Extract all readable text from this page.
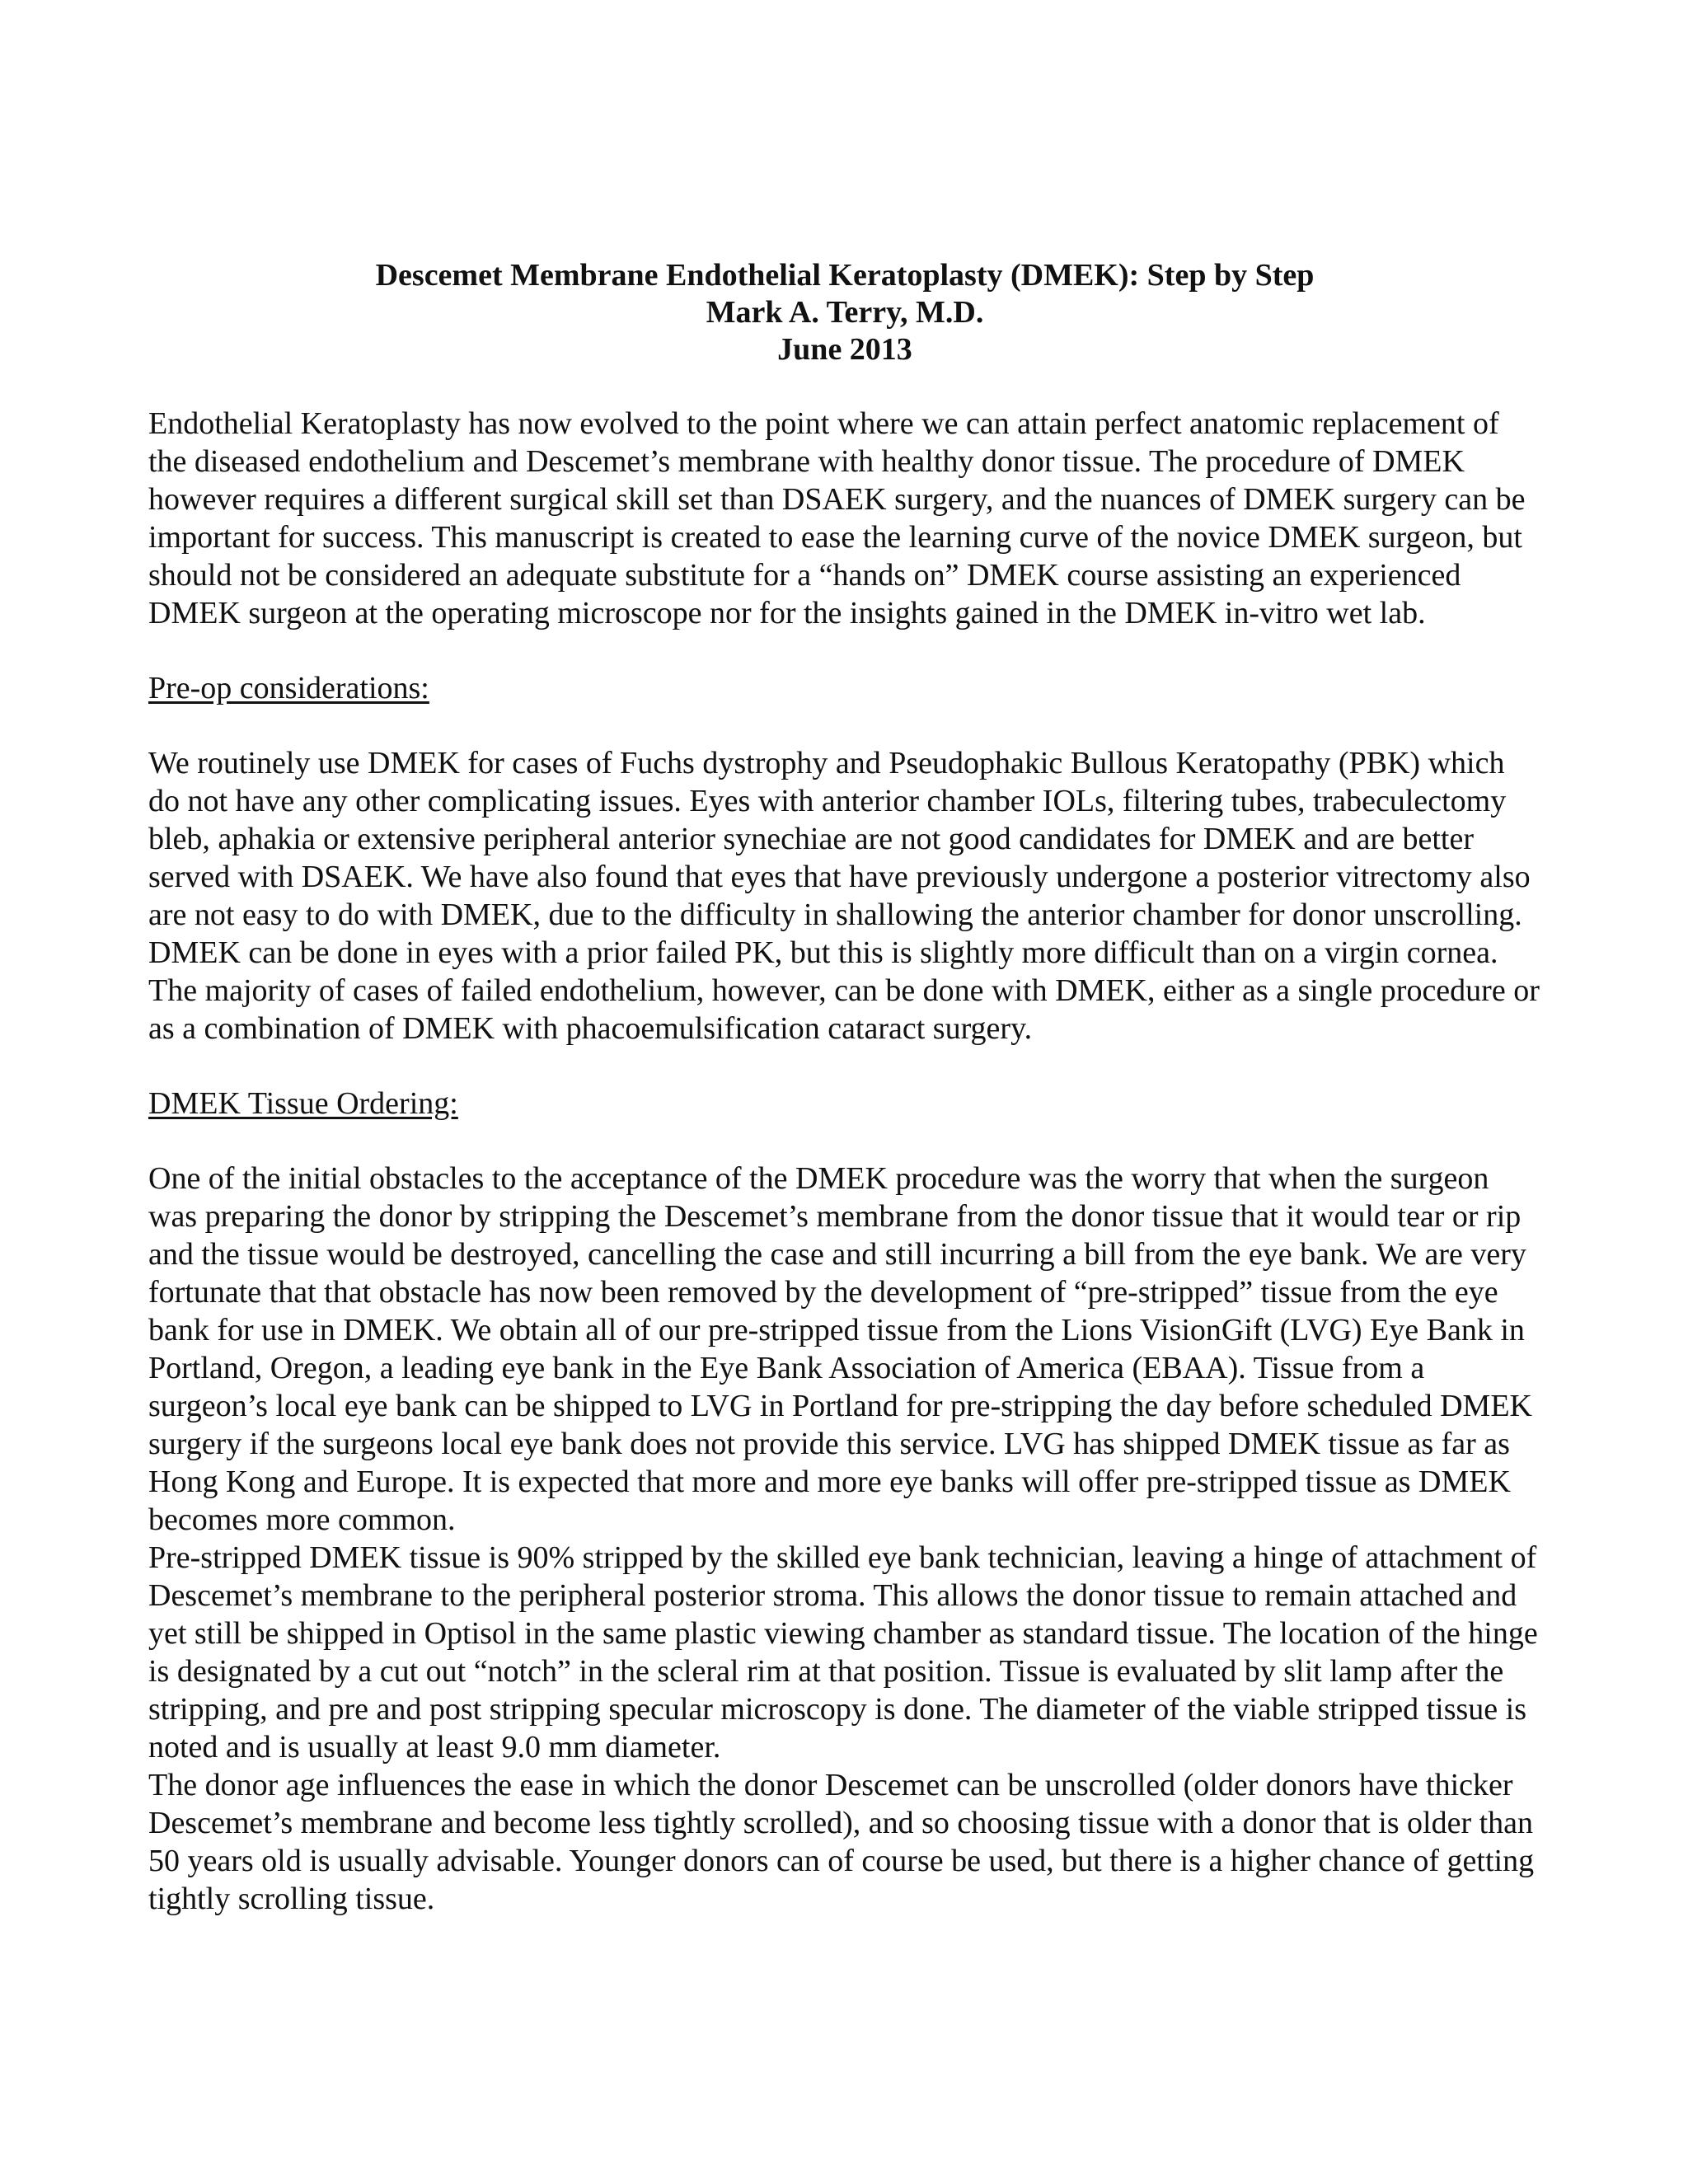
Descemet Membrane Endothelial Keratoplasty (DMEK): Step by Step
Mark A. Terry, M.D.
June 2013

Endothelial Keratoplasty has now evolved to the point where we can attain perfect anatomic replacement of the diseased endothelium and Descemet’s membrane with healthy donor tissue. The procedure of DMEK however requires a different surgical skill set than DSAEK surgery, and the nuances of DMEK surgery can be important for success. This manuscript is created to ease the learning curve of the novice DMEK surgeon, but should not be considered an adequate substitute for a “hands on” DMEK course assisting an experienced DMEK surgeon at the operating microscope nor for the insights gained in the DMEK in-vitro wet lab.

Pre-op considerations:

We routinely use DMEK for cases of Fuchs dystrophy and Pseudophakic Bullous Keratopathy (PBK) which do not have any other complicating issues. Eyes with anterior chamber IOLs, filtering tubes, trabeculectomy bleb, aphakia or extensive peripheral anterior synechiae are not good candidates for DMEK and are better served with DSAEK. We have also found that eyes that have previously undergone a posterior vitrectomy also are not easy to do with DMEK, due to the difficulty in shallowing the anterior chamber for donor unscrolling. DMEK can be done in eyes with a prior failed PK, but this is slightly more difficult than on a virgin cornea. The majority of cases of failed endothelium, however, can be done with DMEK, either as a single procedure or as a combination of DMEK with phacoemulsification cataract surgery.

DMEK Tissue Ordering:

One of the initial obstacles to the acceptance of the DMEK procedure was the worry that when the surgeon was preparing the donor by stripping the Descemet’s membrane from the donor tissue that it would tear or rip and the tissue would be destroyed, cancelling the case and still incurring a bill from the eye bank. We are very fortunate that that obstacle has now been removed by the development of “pre-stripped” tissue from the eye bank for use in DMEK. We obtain all of our pre-stripped tissue from the Lions VisionGift (LVG) Eye Bank in Portland, Oregon, a leading eye bank in the Eye Bank Association of America (EBAA). Tissue from a surgeon’s local eye bank can be shipped to LVG in Portland for pre-stripping the day before scheduled DMEK surgery if the surgeons local eye bank does not provide this service. LVG has shipped DMEK tissue as far as Hong Kong and Europe. It is expected that more and more eye banks will offer pre-stripped tissue as DMEK becomes more common.

Pre-stripped DMEK tissue is 90% stripped by the skilled eye bank technician, leaving a hinge of attachment of Descemet’s membrane to the peripheral posterior stroma. This allows the donor tissue to remain attached and yet still be shipped in Optisol in the same plastic viewing chamber as standard tissue. The location of the hinge is designated by a cut out “notch” in the scleral rim at that position. Tissue is evaluated by slit lamp after the stripping, and pre and post stripping specular microscopy is done. The diameter of the viable stripped tissue is noted and is usually at least 9.0 mm diameter.

The donor age influences the ease in which the donor Descemet can be unscrolled (older donors have thicker Descemet’s membrane and become less tightly scrolled), and so choosing tissue with a donor that is older than 50 years old is usually advisable. Younger donors can of course be used, but there is a higher chance of getting tightly scrolling tissue.
